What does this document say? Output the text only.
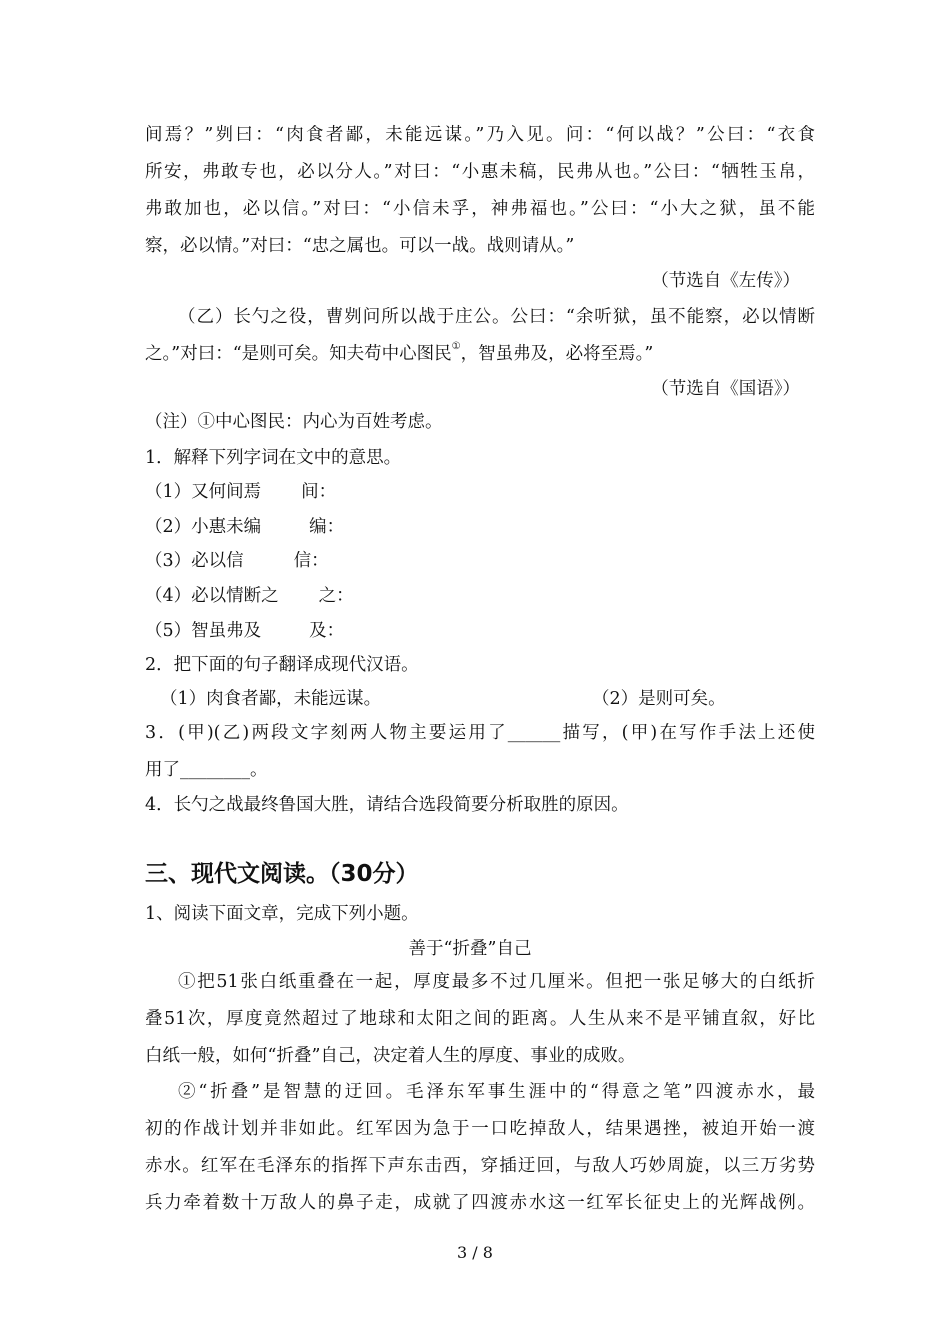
间焉？”刿曰：“肉食者鄙，未能远谋。”乃入见。问：“何以战？”公曰：“衣食
所安，弗敢专也，必以分人。”对曰：“小惠未稿，民弗从也。”公曰：“牺牲玉帛，
弗敢加也，必以信。”对曰：“小信未孚，神弗福也。”公曰：“小大之狱，虽不能
察，必以情。”对曰：“忠之属也。可以一战。战则请从。”
（节选自《左传》）
（乙）长勺之役，曹刿问所以战于庄公。公曰：“余听狱，虽不能察，必以情断
之。”对曰：“是则可矣。知夫苟中心图民①，智虽弗及，必将至焉。”
（节选自《国语》）
（注）①中心图民：内心为百姓考虑。
1．解释下列字词在文中的意思。
（1）又何间焉 间：
（2）小惠未编	编：
（3）必以信	信：
（4）必以情断之 之：
（5）智虽弗及	及：
2．把下面的句子翻译成现代汉语。
（1）肉食者鄙，未能远谋。	（2）是则可矣。
3．(甲)(乙)两段文字刻两人物主要运用了______描写，(甲)在写作手法上还使
用了________。
4．长勺之战最终鲁国大胜，请结合选段简要分析取胜的原因。
三、现代文阅读。（30分）
1、阅读下面文章，完成下列小题。
善于“折叠”自己
①把51张白纸重叠在一起，厚度最多不过几厘米。但把一张足够大的白纸折
叠51次，厚度竟然超过了地球和太阳之间的距离。人生从来不是平铺直叙，好比
白纸一般，如何“折叠”自己，决定着人生的厚度、事业的成败。
②“折叠”是智慧的迂回。毛泽东军事生涯中的“得意之笔”四渡赤水，最
初的作战计划并非如此。红军因为急于一口吃掉敌人，结果遇挫，被迫开始一渡
赤水。红军在毛泽东的指挥下声东击西，穿插迂回，与敌人巧妙周旋，以三万劣势
兵力牵着数十万敌人的鼻子走，成就了四渡赤水这一红军长征史上的光辉战例。
3 / 8
